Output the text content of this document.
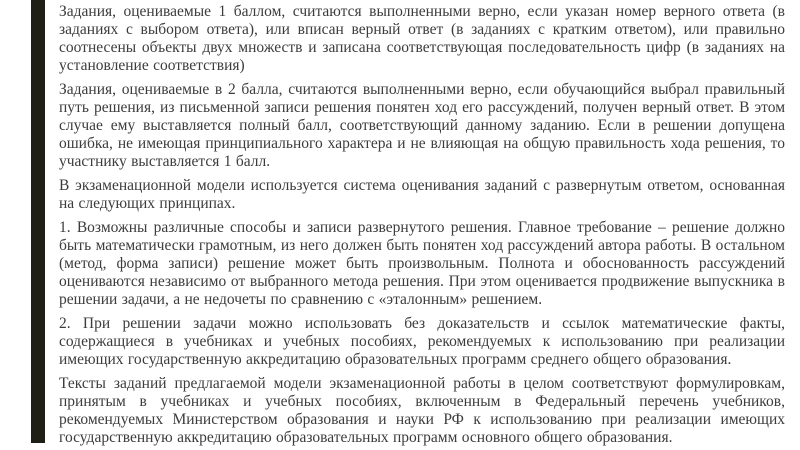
Задания, оцениваемые 1 баллом, считаются выполненными верно, если указан номер верного ответа (в заданиях с выбором ответа), или вписан верный ответ (в заданиях с кратким ответом), или правильно соотнесены объекты двух множеств и записана соответствующая последовательность цифр (в заданиях на установление соответствия)

Задания, оцениваемые в 2 балла, считаются выполненными верно, если обучающийся выбрал правильный путь решения, из письменной записи решения понятен ход его рассуждений, получен верный ответ. В этом случае ему выставляется полный балл, соответствующий данному заданию. Если в решении допущена ошибка, не имеющая принципиального характера и не влияющая на общую правильность хода решения, то участнику выставляется 1 балл.

В экзаменационной модели используется система оценивания заданий с развернутым ответом, основанная на следующих принципах.

1. Возможны различные способы и записи развернутого решения. Главное требование – решение должно быть математически грамотным, из него должен быть понятен ход рассуждений автора работы. В остальном (метод, форма записи) решение может быть произвольным. Полнота и обоснованность рассуждений оцениваются независимо от выбранного метода решения. При этом оценивается продвижение выпускника в решении задачи, а не недочеты по сравнению с «эталонным» решением.

2. При решении задачи можно использовать без доказательств и ссылок математические факты, содержащиеся в учебниках и учебных пособиях, рекомендуемых к использованию при реализации имеющих государственную аккредитацию образовательных программ среднего общего образования.

Тексты заданий предлагаемой модели экзаменационной работы в целом соответствуют формулировкам, принятым в учебниках и учебных пособиях, включенным в Федеральный перечень учебников, рекомендуемых Министерством образования и науки РФ к использованию при реализации имеющих государственную аккредитацию образовательных программ основного общего образования.
